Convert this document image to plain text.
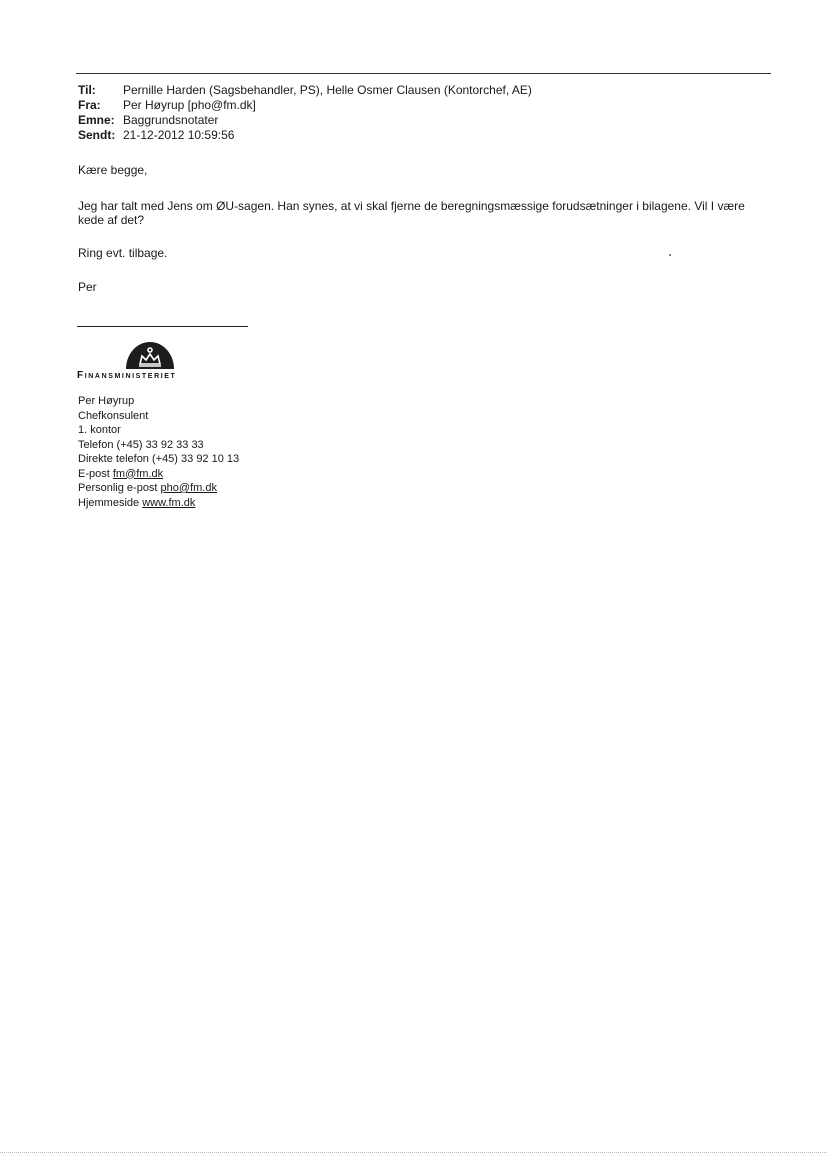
Til:	Pernille Harden (Sagsbehandler, PS), Helle Osmer Clausen (Kontorchef, AE)
Fra:	Per Høyrup [pho@fm.dk]
Emne: Baggrundsnotater
Sendt: 21-12-2012 10:59:56
Kære begge,
Jeg har talt med Jens om ØU-sagen. Han synes, at vi skal fjerne de beregningsmæssige forudsætninger i bilagene. Vil I være kede af det?
Ring evt. tilbage.
Per
Finansministeriet
Per Høyrup
Chefkonsulent
1. kontor
Telefon (+45) 33 92 33 33
Direkte telefon (+45) 33 92 10 13
E-post fm@fm.dk
Personlig e-post pho@fm.dk
Hjemmeside www.fm.dk
